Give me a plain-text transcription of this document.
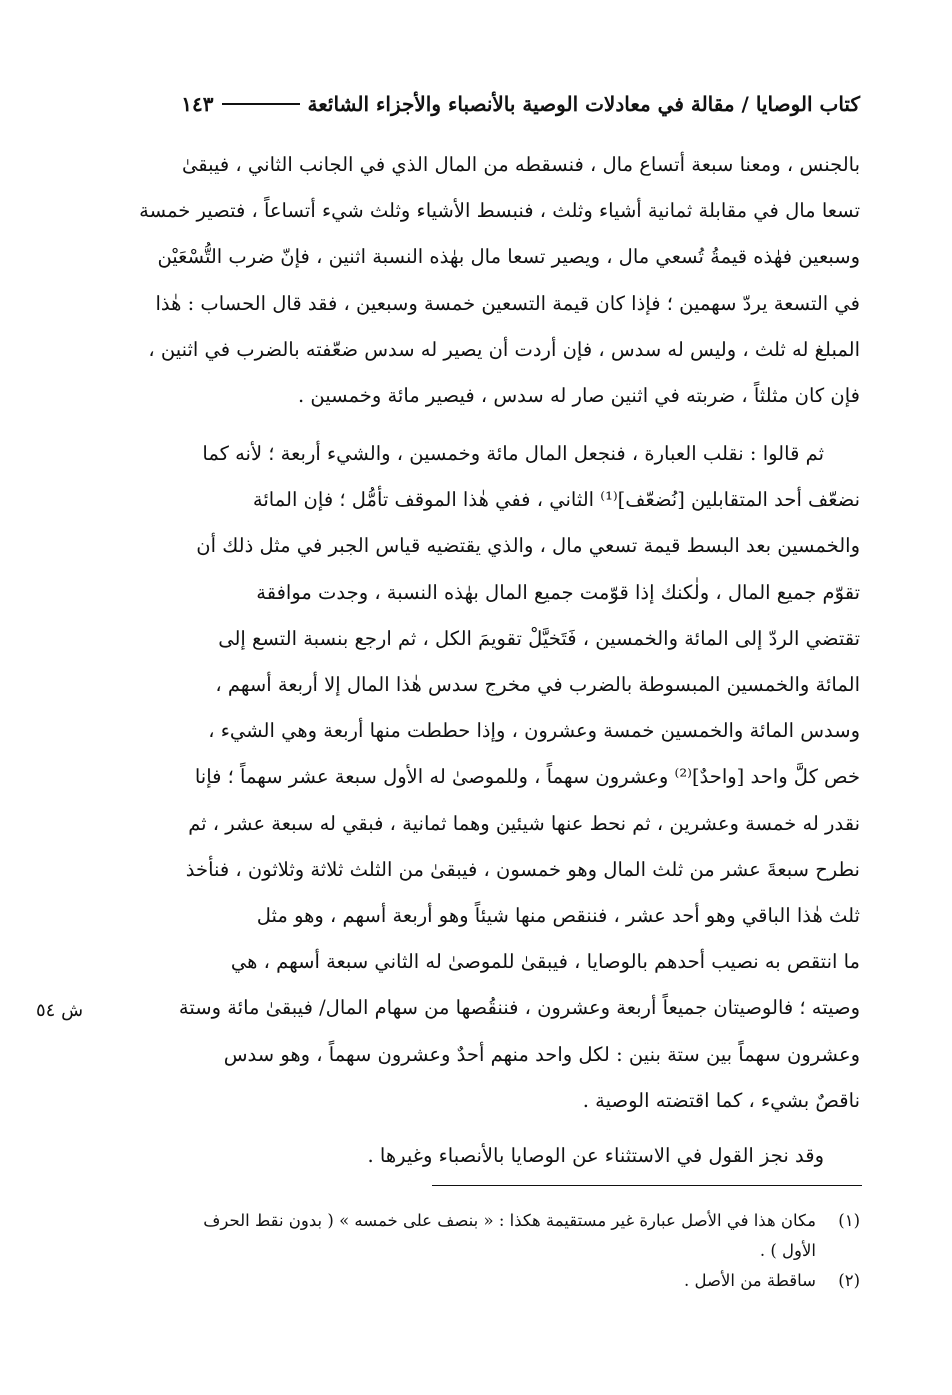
كتاب الوصايا / مقالة في معادلات الوصية بالأنصباء والأجزاء الشائعة
١٤٣
بالجنس ، ومعنا سبعة أتساع مال ، فنسقطه من المال الذي في الجانب الثاني ، فيبقىٰ
تسعا مال في مقابلة ثمانية أشياء وثلث ، فنبسط الأشياء وثلث شيء أتساعاً ، فتصير خمسة
وسبعين فهٰذه قيمةُ تُسعي مال ، ويصير تسعا مال بهٰذه النسبة اثنين ، فإنّ ضرب التُّسْعَيْن
في التسعة يردّ سهمين ؛ فإذا كان قيمة التسعين خمسة وسبعين ، فقد قال الحساب : هٰذا
المبلغ له ثلث ، وليس له سدس ، فإن أردت أن يصير له سدس ضعّفته بالضرب في اثنين ،
فإن كان مثلثاً ، ضربته في اثنين صار له سدس ، فيصير مائة وخمسين .
ثم قالوا : نقلب العبارة ، فنجعل المال مائة وخمسين ، والشيء أربعة ؛ لأنه كما
نضعّف أحد المتقابلين [نُضعّف]⁽¹⁾ الثاني ، ففي هٰذا الموقف تأمُّل ؛ فإن المائة
والخمسين بعد البسط قيمة تسعي مال ، والذي يقتضيه قياس الجبر في مثل ذلك أن
تقوّم جميع المال ، ولٰكنك إذا قوّمت جميع المال بهٰذه النسبة ، وجدت موافقة
تقتضي الردّ إلى المائة والخمسين ، فَتَخيَّلْ تقويمَ الكل ، ثم ارجع بنسبة التسع إلى
المائة والخمسين المبسوطة بالضرب في مخرج سدس هٰذا المال إلا أربعة أسهم ،
وسدس المائة والخمسين خمسة وعشرون ، وإذا حططت منها أربعة وهي الشيء ،
خص كلَّ واحد [واحدٌ]⁽²⁾ وعشرون سهماً ، وللموصىٰ له الأول سبعة عشر سهماً ؛ فإنا
نقدر له خمسة وعشرين ، ثم نحط عنها شيئين وهما ثمانية ، فبقي له سبعة عشر ، ثم
نطرح سبعةَ عشر من ثلث المال وهو خمسون ، فيبقىٰ من الثلث ثلاثة وثلاثون ، فنأخذ
ثلث هٰذا الباقي وهو أحد عشر ، فننقص منها شيئاً وهو أربعة أسهم ، وهو مثل
ما انتقص به نصيب أحدهم بالوصايا ، فيبقىٰ للموصىٰ له الثاني سبعة أسهم ، هي
وصيته ؛ فالوصيتان جميعاً أربعة وعشرون ، فننقُصها من سهام المال/ فيبقىٰ مائة وستة
وعشرون سهماً بين ستة بنين : لكل واحد منهم أحدٌ وعشرون سهماً ، وهو سدس
ناقصٌ بشيء ، كما اقتضته الوصية .
ش ٥٤
وقد نجز القول في الاستثناء عن الوصايا بالأنصباء وغيرها .
(١)
مكان هذا في الأصل عبارة غير مستقيمة هكذا : « بنصف على خمسه » ( بدون نقط الحرف
الأول ) .
(٢)
ساقطة من الأصل .
